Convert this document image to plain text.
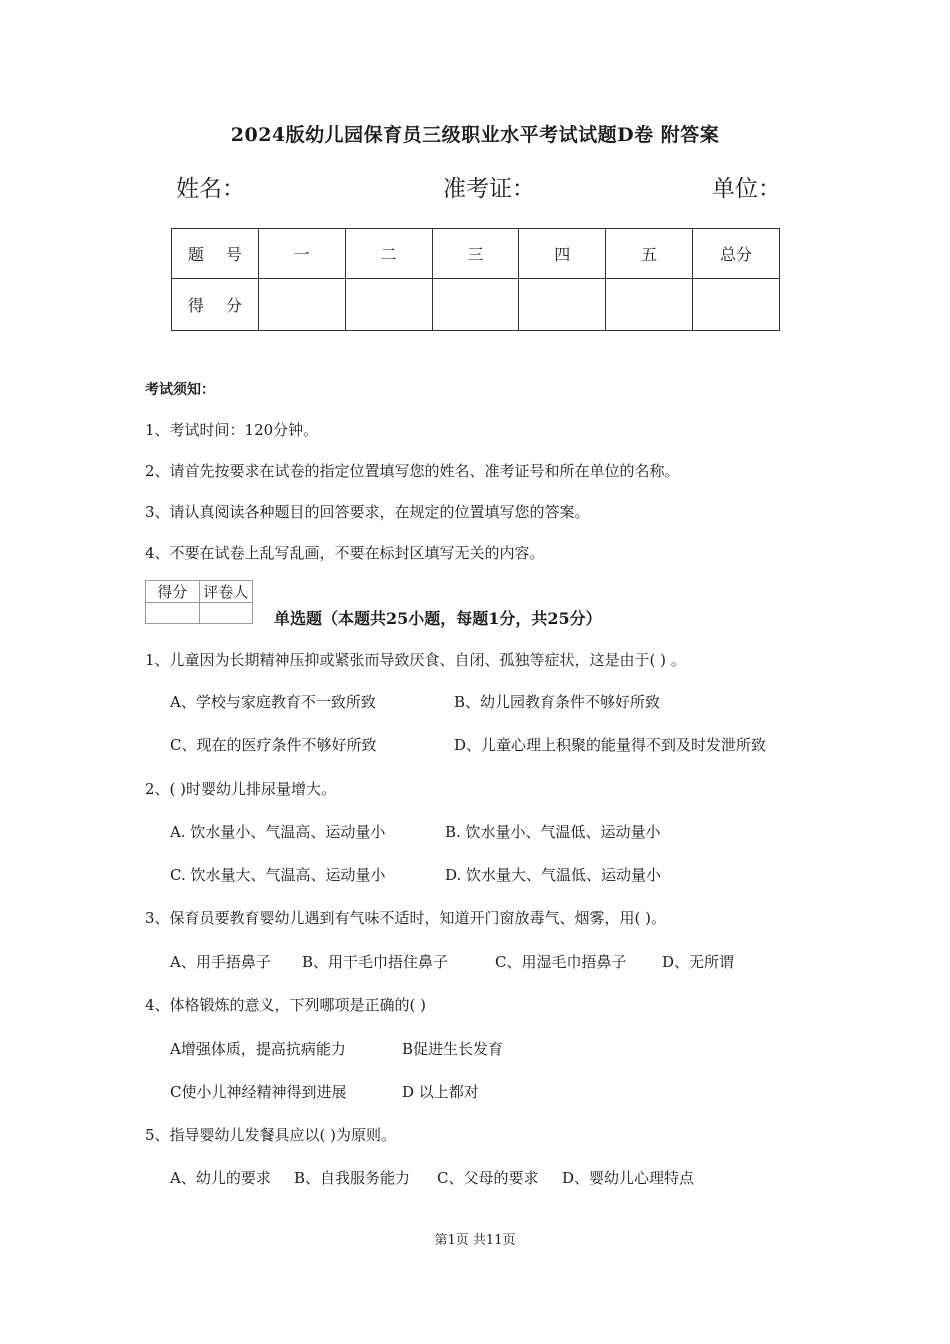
2024版幼儿园保育员三级职业水平考试试题D卷 附答案
姓名：	准考证：	单位：
题 号	一	二	三	四	五	总分
得 分						
考试须知：
1、考试时间：120分钟。
2、请首先按要求在试卷的指定位置填写您的姓名、准考证号和所在单位的名称。
3、请认真阅读各种题目的回答要求，在规定的位置填写您的答案。
4、不要在试卷上乱写乱画，不要在标封区填写无关的内容。
得分	评卷人

单选题（本题共25小题，每题1分，共25分）
1、儿童因为长期精神压抑或紧张而导致厌食、自闭、孤独等症状，这是由于( ) 。
A、学校与家庭教育不一致所致	B、幼儿园教育条件不够好所致
C、现在的医疗条件不够好所致	D、儿童心理上积聚的能量得不到及时发泄所致
2、( )时婴幼儿排尿量增大。
A. 饮水量小、气温高、运动量小	B. 饮水量小、气温低、运动量小
C. 饮水量大、气温高、运动量小	D. 饮水量大、气温低、运动量小
3、保育员要教育婴幼儿遇到有气味不适时，知道开门窗放毒气、烟雾，用( )。
A、用手捂鼻子 B、用干毛巾捂住鼻子	C、用湿毛巾捂鼻子 D、无所谓
4、体格锻炼的意义，下列哪项是正确的( )
A增强体质，提高抗病能力	B促进生长发育
C使小儿神经精神得到进展	D 以上都对
5、指导婴幼儿发餐具应以( )为原则。
A、幼儿的要求 B、自我服务能力 C、父母的要求 D、婴幼儿心理特点
第1页 共11页
